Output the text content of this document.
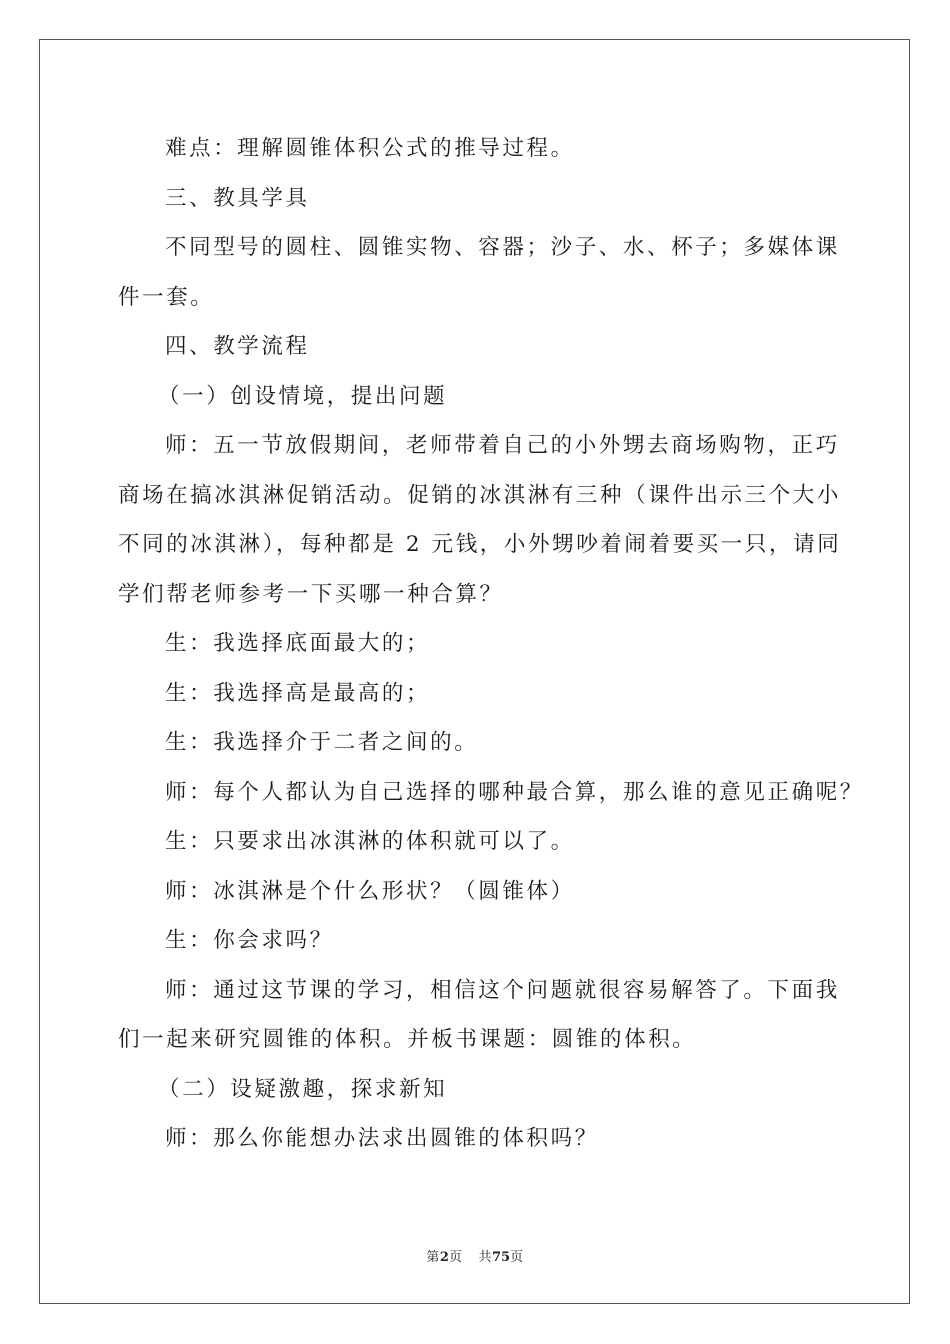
难点：理解圆锥体积公式的推导过程。
三、教具学具
不同型号的圆柱、圆锥实物、容器；沙子、水、杯子；多媒体课
件一套。
四、教学流程
（一）创设情境，提出问题
师：五一节放假期间，老师带着自己的小外甥去商场购物，正巧
商场在搞冰淇淋促销活动。促销的冰淇淋有三种（课件出示三个大小
不同的冰淇淋），每种都是 2 元钱，小外甥吵着闹着要买一只，请同
学们帮老师参考一下买哪一种合算？
生：我选择底面最大的；
生：我选择高是最高的；
生：我选择介于二者之间的。
师：每个人都认为自己选择的哪种最合算，那么谁的意见正确呢？
生：只要求出冰淇淋的体积就可以了。
师：冰淇淋是个什么形状？（圆锥体）
生：你会求吗？
师：通过这节课的学习，相信这个问题就很容易解答了。下面我
们一起来研究圆锥的体积。并板书课题：圆锥的体积。
（二）设疑激趣，探求新知
师：那么你能想办法求出圆锥的体积吗？
第2页 共75页
